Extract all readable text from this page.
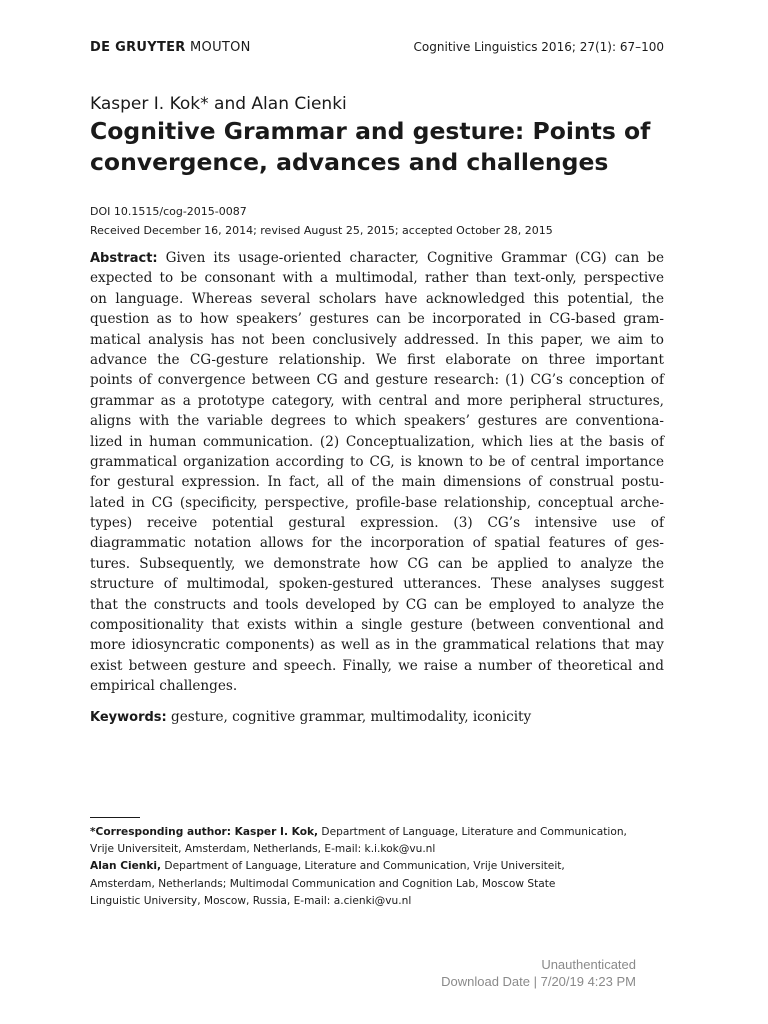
DE GRUYTER MOUTON	Cognitive Linguistics 2016; 27(1): 67–100
Kasper I. Kok* and Alan Cienki
Cognitive Grammar and gesture: Points of
convergence, advances and challenges
DOI 10.1515/cog-2015-0087
Received December 16, 2014; revised August 25, 2015; accepted October 28, 2015
Abstract: Given its usage-oriented character, Cognitive Grammar (CG) can be
expected to be consonant with a multimodal, rather than text-only, perspective
on language. Whereas several scholars have acknowledged this potential, the
question as to how speakers’ gestures can be incorporated in CG-based gram-
matical analysis has not been conclusively addressed. In this paper, we aim to
advance the CG-gesture relationship. We first elaborate on three important
points of convergence between CG and gesture research: (1) CG’s conception of
grammar as a prototype category, with central and more peripheral structures,
aligns with the variable degrees to which speakers’ gestures are conventiona-
lized in human communication. (2) Conceptualization, which lies at the basis of
grammatical organization according to CG, is known to be of central importance
for gestural expression. In fact, all of the main dimensions of construal postu-
lated in CG (specificity, perspective, profile-base relationship, conceptual arche-
types) receive potential gestural expression. (3) CG’s intensive use of
diagrammatic notation allows for the incorporation of spatial features of ges-
tures. Subsequently, we demonstrate how CG can be applied to analyze the
structure of multimodal, spoken-gestured utterances. These analyses suggest
that the constructs and tools developed by CG can be employed to analyze the
compositionality that exists within a single gesture (between conventional and
more idiosyncratic components) as well as in the grammatical relations that may
exist between gesture and speech. Finally, we raise a number of theoretical and
empirical challenges.
Keywords: gesture, cognitive grammar, multimodality, iconicity
*Corresponding author: Kasper I. Kok, Department of Language, Literature and Communication,
Vrije Universiteit, Amsterdam, Netherlands, E-mail: k.i.kok@vu.nl
Alan Cienki, Department of Language, Literature and Communication, Vrije Universiteit,
Amsterdam, Netherlands; Multimodal Communication and Cognition Lab, Moscow State
Linguistic University, Moscow, Russia, E-mail: a.cienki@vu.nl
Unauthenticated
Download Date | 7/20/19 4:23 PM
